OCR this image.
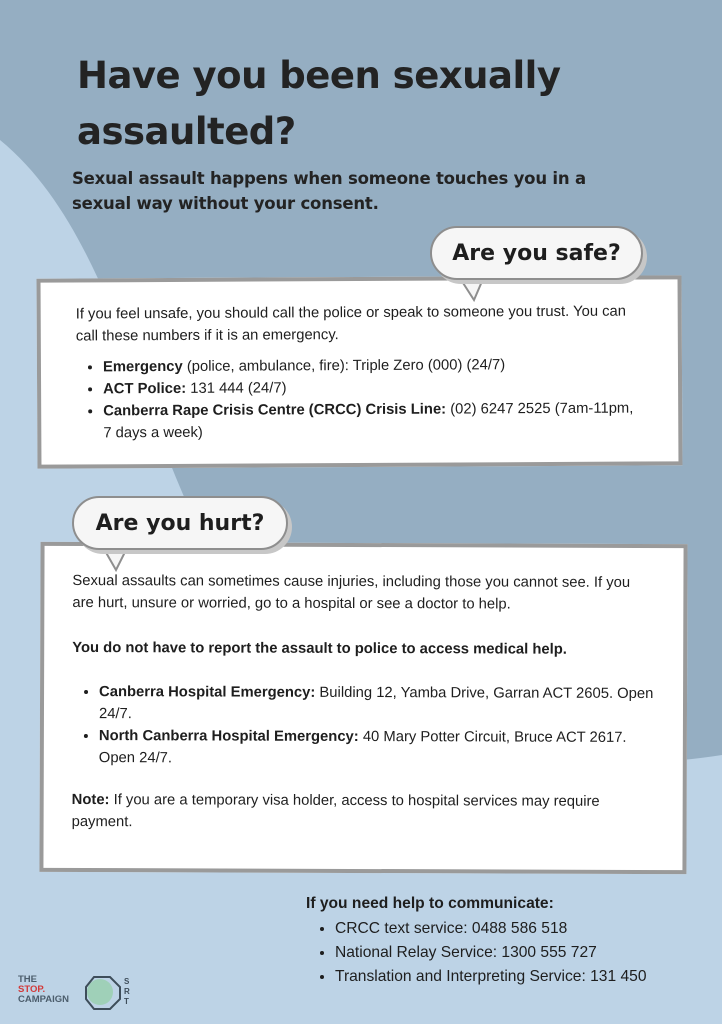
Have you been sexually assaulted?

Sexual assault happens when someone touches you in a sexual way without your consent.

If you feel unsafe, you should call the police or speak to someone you trust. You can call these numbers if it is an emergency.

• Emergency (police, ambulance, fire): Triple Zero (000) (24/7)
• ACT Police: 131 444 (24/7)
• Canberra Rape Crisis Centre (CRCC) Crisis Line: (02) 6247 2525 (7am-11pm, 7 days a week)
Are you safe?

Sexual assaults can sometimes cause injuries, including those you cannot see. If you are hurt, unsure or worried, go to a hospital or see a doctor to help.

You do not have to report the assault to police to access medical help.

• Canberra Hospital Emergency: Building 12, Yamba Drive, Garran ACT 2605. Open 24/7.
• North Canberra Hospital Emergency: 40 Mary Potter Circuit, Bruce ACT 2617. Open 24/7.

Note: If you are a temporary visa holder, access to hospital services may require payment.

Are you hurt?

If you need help to communicate:

• CRCC text service: 0488 586 518
• National Relay Service: 1300 555 727
• Translation and Interpreting Service: 131 450
THE
STOP.
CAMPAIGN
S
R
T
